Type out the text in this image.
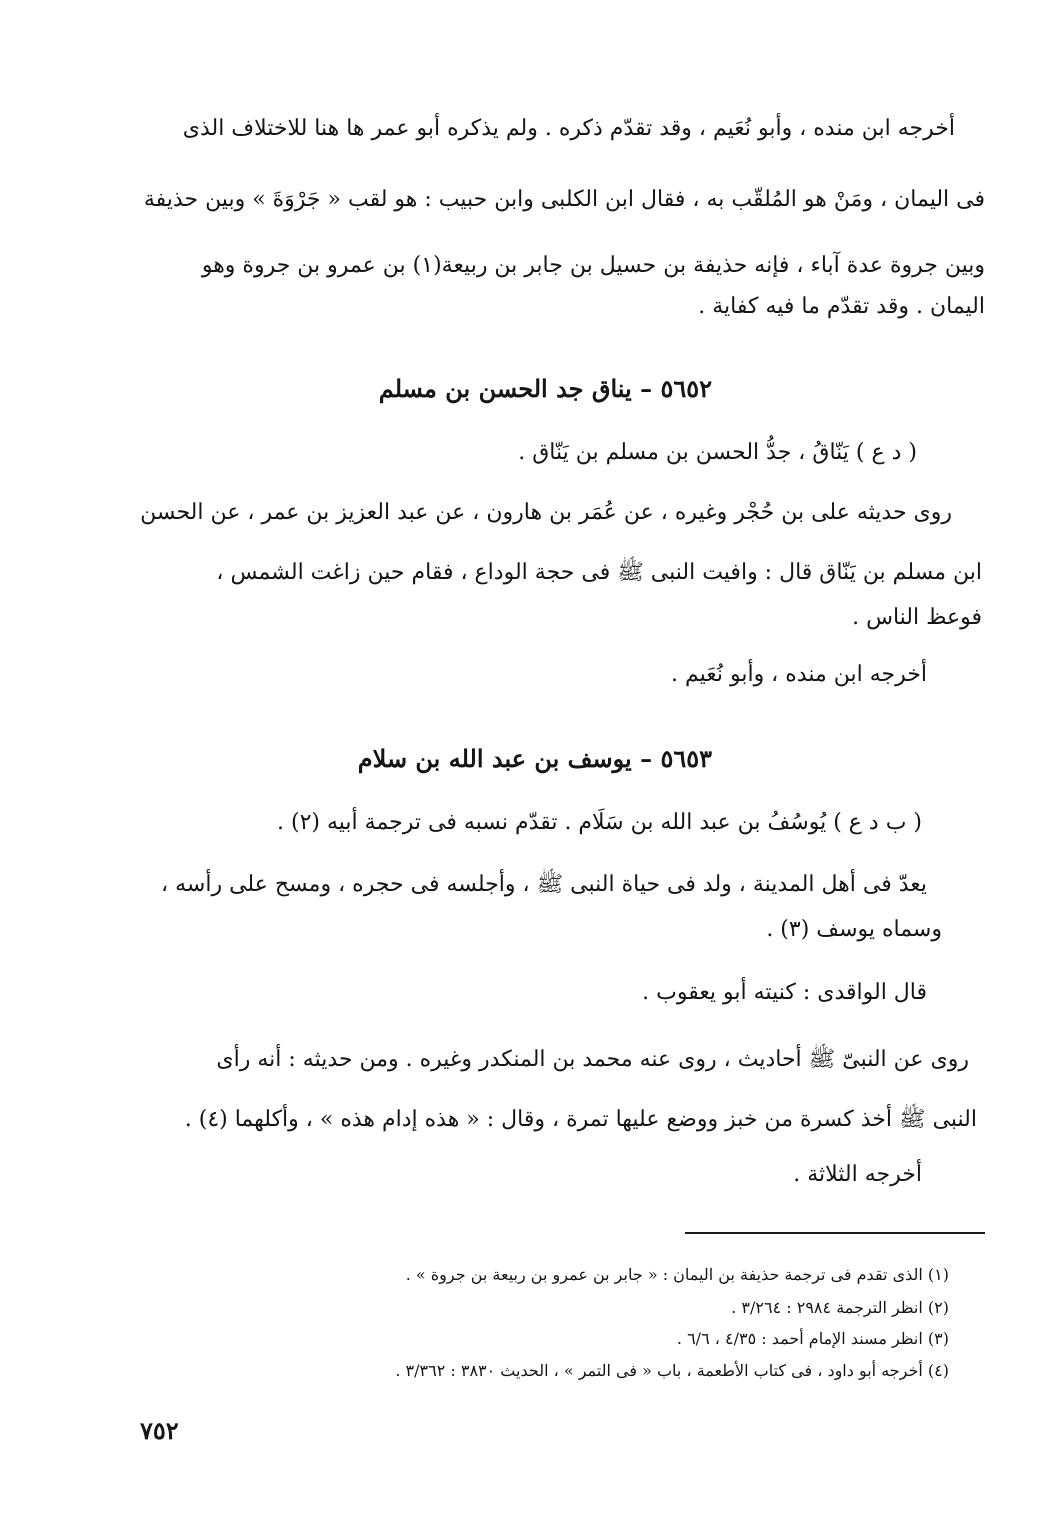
أخرجه ابن منده ، وأبو نُعَيم ، وقد تقدّم ذكره . ولم يذكره أبو عمر ها هنا للاختلاف الذى
فى اليمان ، ومَنْ هو المُلقّب به ، فقال ابن الكلبى وابن حبيب : هو لقب « جَرْوَةَ » وبين حذيفة
وبين جروة عدة آباء ، فإنه حذيفة بن حسيل بن جابر بن ربيعة(١) بن عمرو بن جروة وهو
اليمان . وقد تقدّم ما فيه كفاية .
٥٦٥٢ – يناق جد الحسن بن مسلم
( د ع ) يَنّاقُ ، جدُّ الحسن بن مسلم بن يَنّاق .
روى حديثه على بن حُجْر وغيره ، عن عُمَر بن هارون ، عن عبد العزيز بن عمر ، عن الحسن
ابن مسلم بن يَنّاق قال : وافيت النبى ﷺ فى حجة الوداع ، فقام حين زاغت الشمس ،
فوعظ الناس .
أخرجه ابن منده ، وأبو نُعَيم .
٥٦٥٣ – يوسف بن عبد الله بن سلام
( ب د ع ) يُوسُفُ بن عبد الله بن سَلَام . تقدّم نسبه فى ترجمة أبيه (٢) .
يعدّ فى أهل المدينة ، ولد فى حياة النبى ﷺ ، وأجلسه فى حجره ، ومسح على رأسه ،
وسماه يوسف (٣) .
قال الواقدى : كنيته أبو يعقوب .
روى عن النبىّ ﷺ أحاديث ، روى عنه محمد بن المنكدر وغيره . ومن حديثه : أنه رأى
النبى ﷺ أخذ كسرة من خبز ووضع عليها تمرة ، وقال : « هذه إدام هذه » ، وأكلهما (٤) .
أخرجه الثلاثة .
(١) الذى تقدم فى ترجمة حذيفة بن اليمان : « جابر بن عمرو بن ربيعة بن جروة » .
(٢) انظر الترجمة ٢٩٨٤ : ٣/٢٦٤ .
(٣) انظر مسند الإمام أحمد : ٤/٣٥ ، ٦/٦ .
(٤) أخرجه أبو داود ، فى كتاب الأطعمة ، باب « فى التمر » ، الحديث ٣٨٣٠ : ٣/٣٦٢ .
٧٥٢
